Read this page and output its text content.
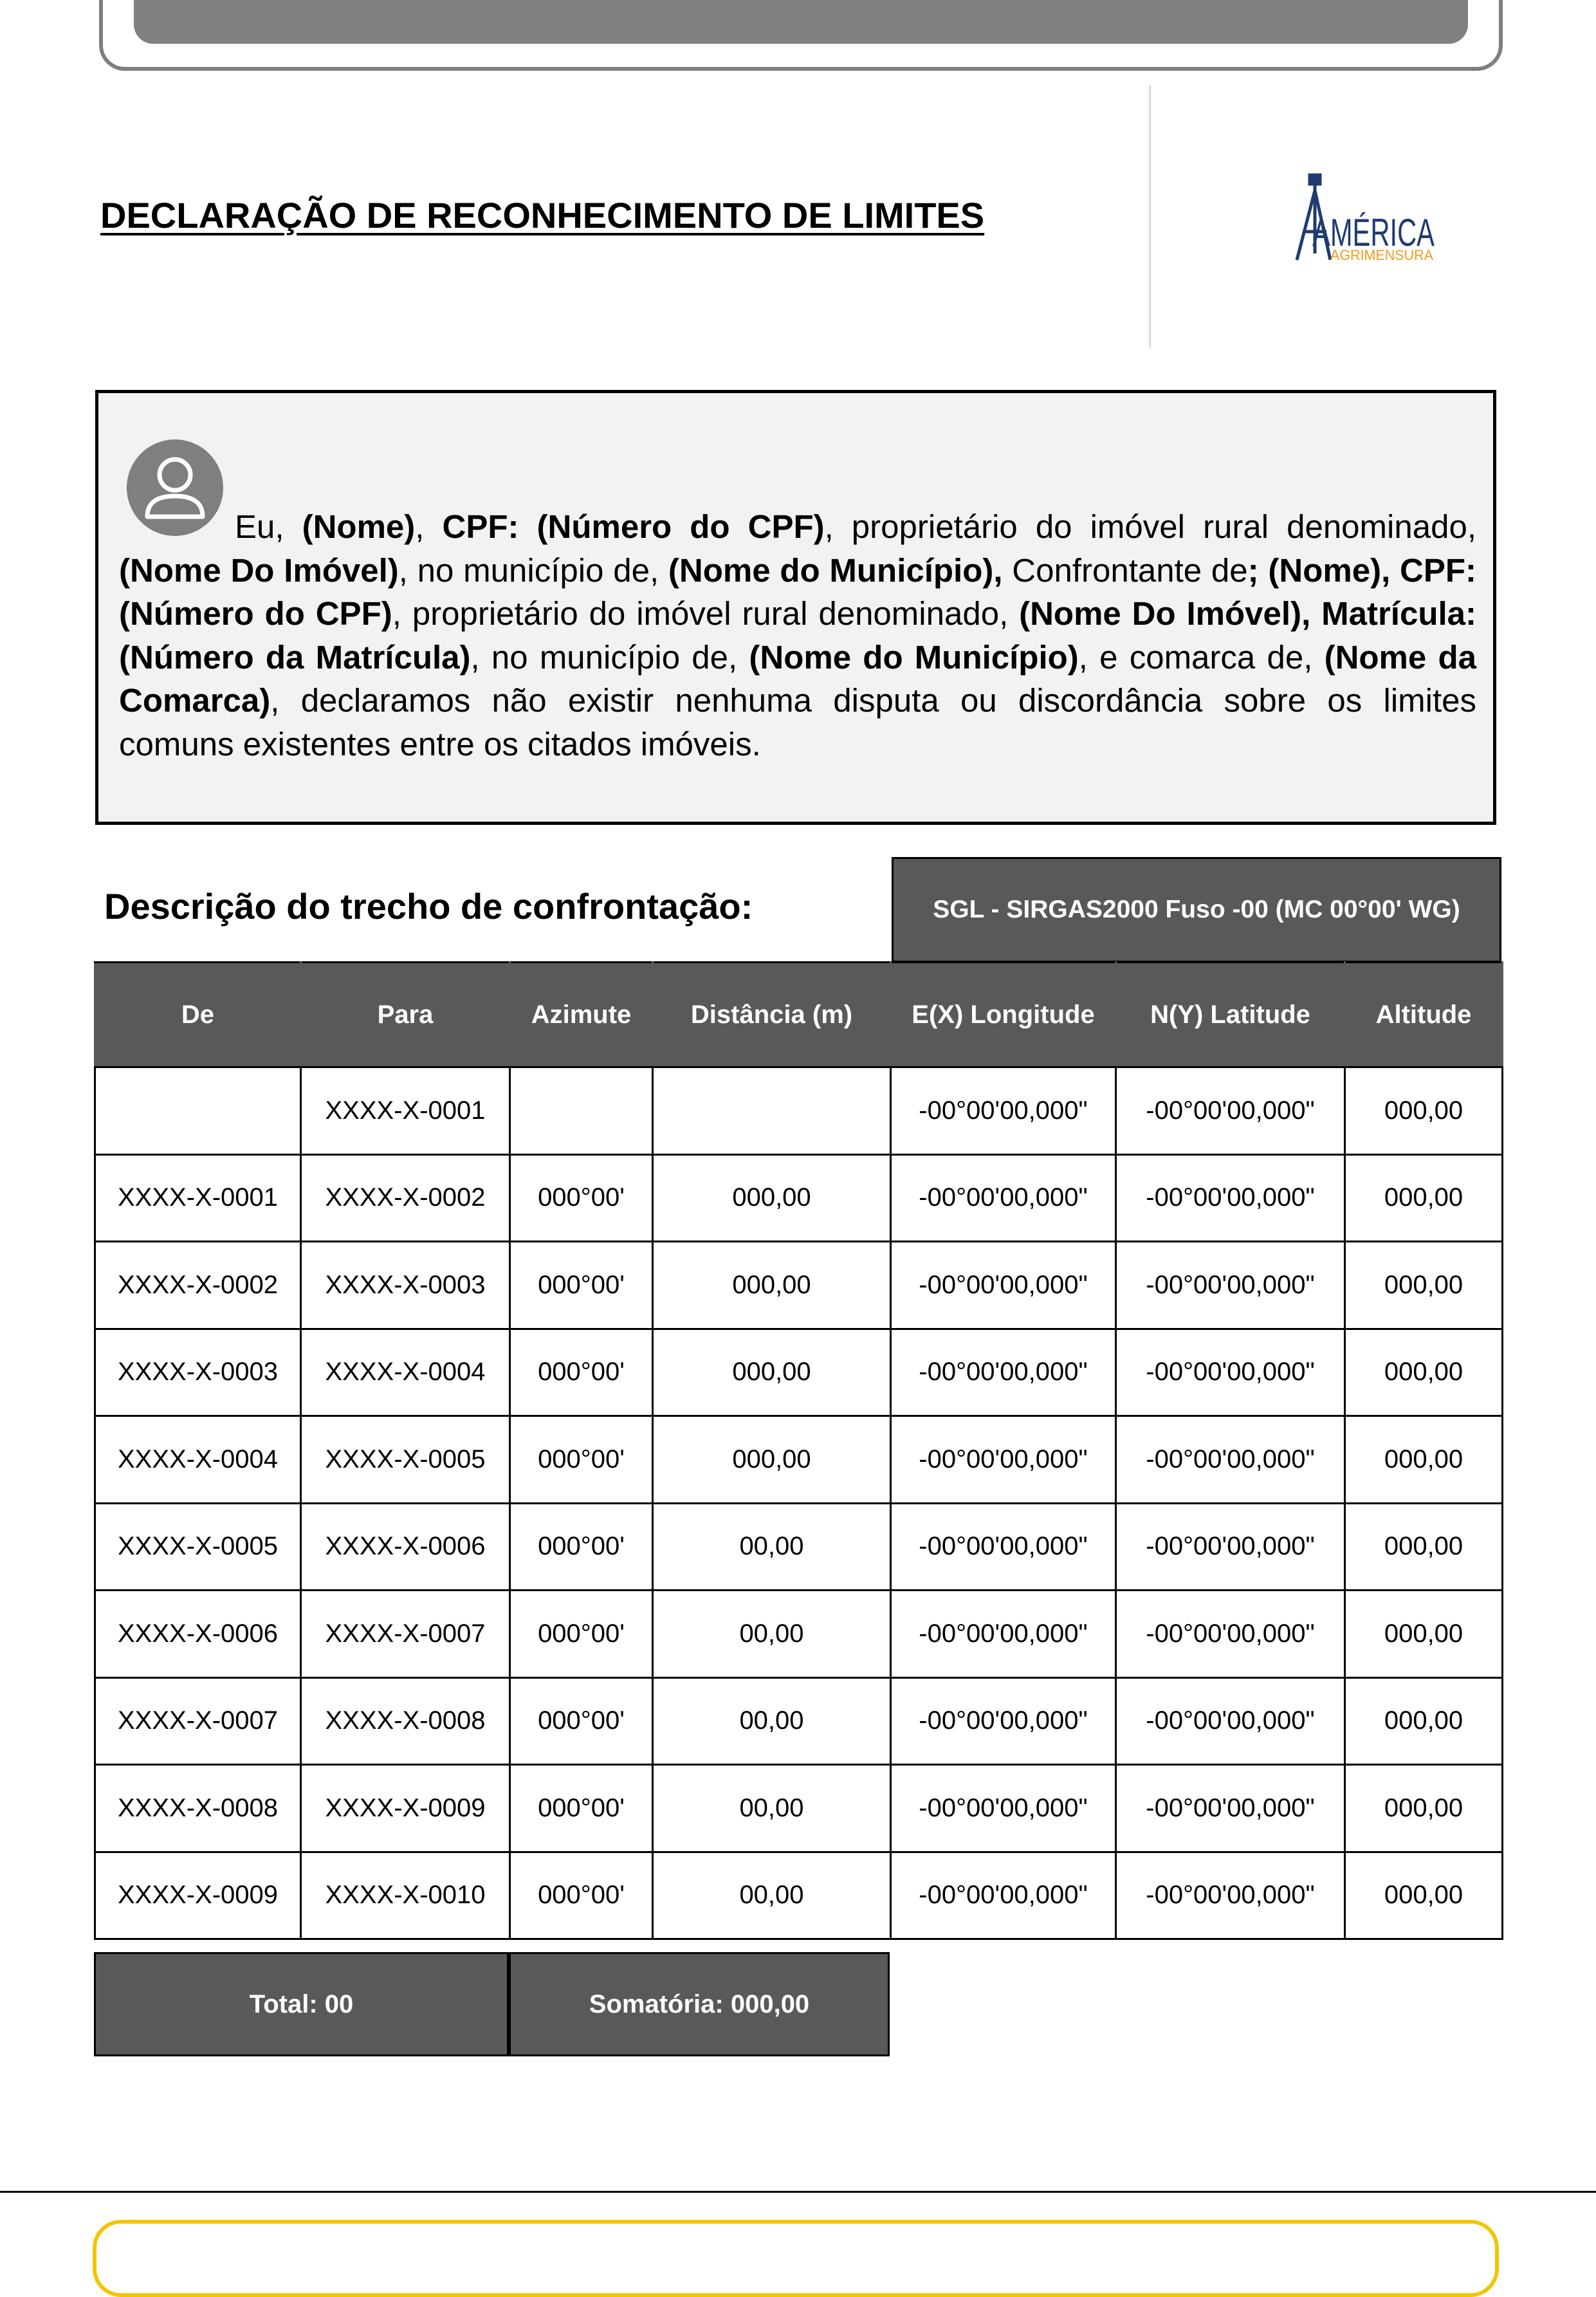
DECLARAÇÃO DE RECONHECIMENTO DE LIMITES	AMÉRICA
AGRIMENSURA
Eu, (Nome), CPF: (Número do CPF), proprietário do imóvel rural denominado, (Nome Do Imóvel), no município de, (Nome do Município), Confrontante de; (Nome), CPF: (Número do CPF), proprietário do imóvel rural denominado, (Nome Do Imóvel), Matrícula: (Número da Matrícula), no município de, (Nome do Município), e comarca de, (Nome da Comarca), declaramos não existir nenhuma disputa ou discordância sobre os limites comuns existentes entre os citados imóveis.
Descrição do trecho de confrontação:	SGL - SIRGAS2000 Fuso -00 (MC 00°00' WG)
De	Para	Azimute	Distância (m)	E(X) Longitude	N(Y) Latitude	Altitude

	XXXX-X-0001			-00°00'00,000"	-00°00'00,000"	000,00
XXXX-X-0001	XXXX-X-0002	000°00'	000,00	-00°00'00,000"	-00°00'00,000"	000,00
XXXX-X-0002	XXXX-X-0003	000°00'	000,00	-00°00'00,000"	-00°00'00,000"	000,00
XXXX-X-0003	XXXX-X-0004	000°00'	000,00	-00°00'00,000"	-00°00'00,000"	000,00
XXXX-X-0004	XXXX-X-0005	000°00'	000,00	-00°00'00,000"	-00°00'00,000"	000,00
XXXX-X-0005	XXXX-X-0006	000°00'	00,00	-00°00'00,000"	-00°00'00,000"	000,00
XXXX-X-0006	XXXX-X-0007	000°00'	00,00	-00°00'00,000"	-00°00'00,000"	000,00
XXXX-X-0007	XXXX-X-0008	000°00'	00,00	-00°00'00,000"	-00°00'00,000"	000,00
XXXX-X-0008	XXXX-X-0009	000°00'	00,00	-00°00'00,000"	-00°00'00,000"	000,00
XXXX-X-0009	XXXX-X-0010	000°00'	00,00	-00°00'00,000"	-00°00'00,000"	000,00
Total: 00	Somatória: 000,00
